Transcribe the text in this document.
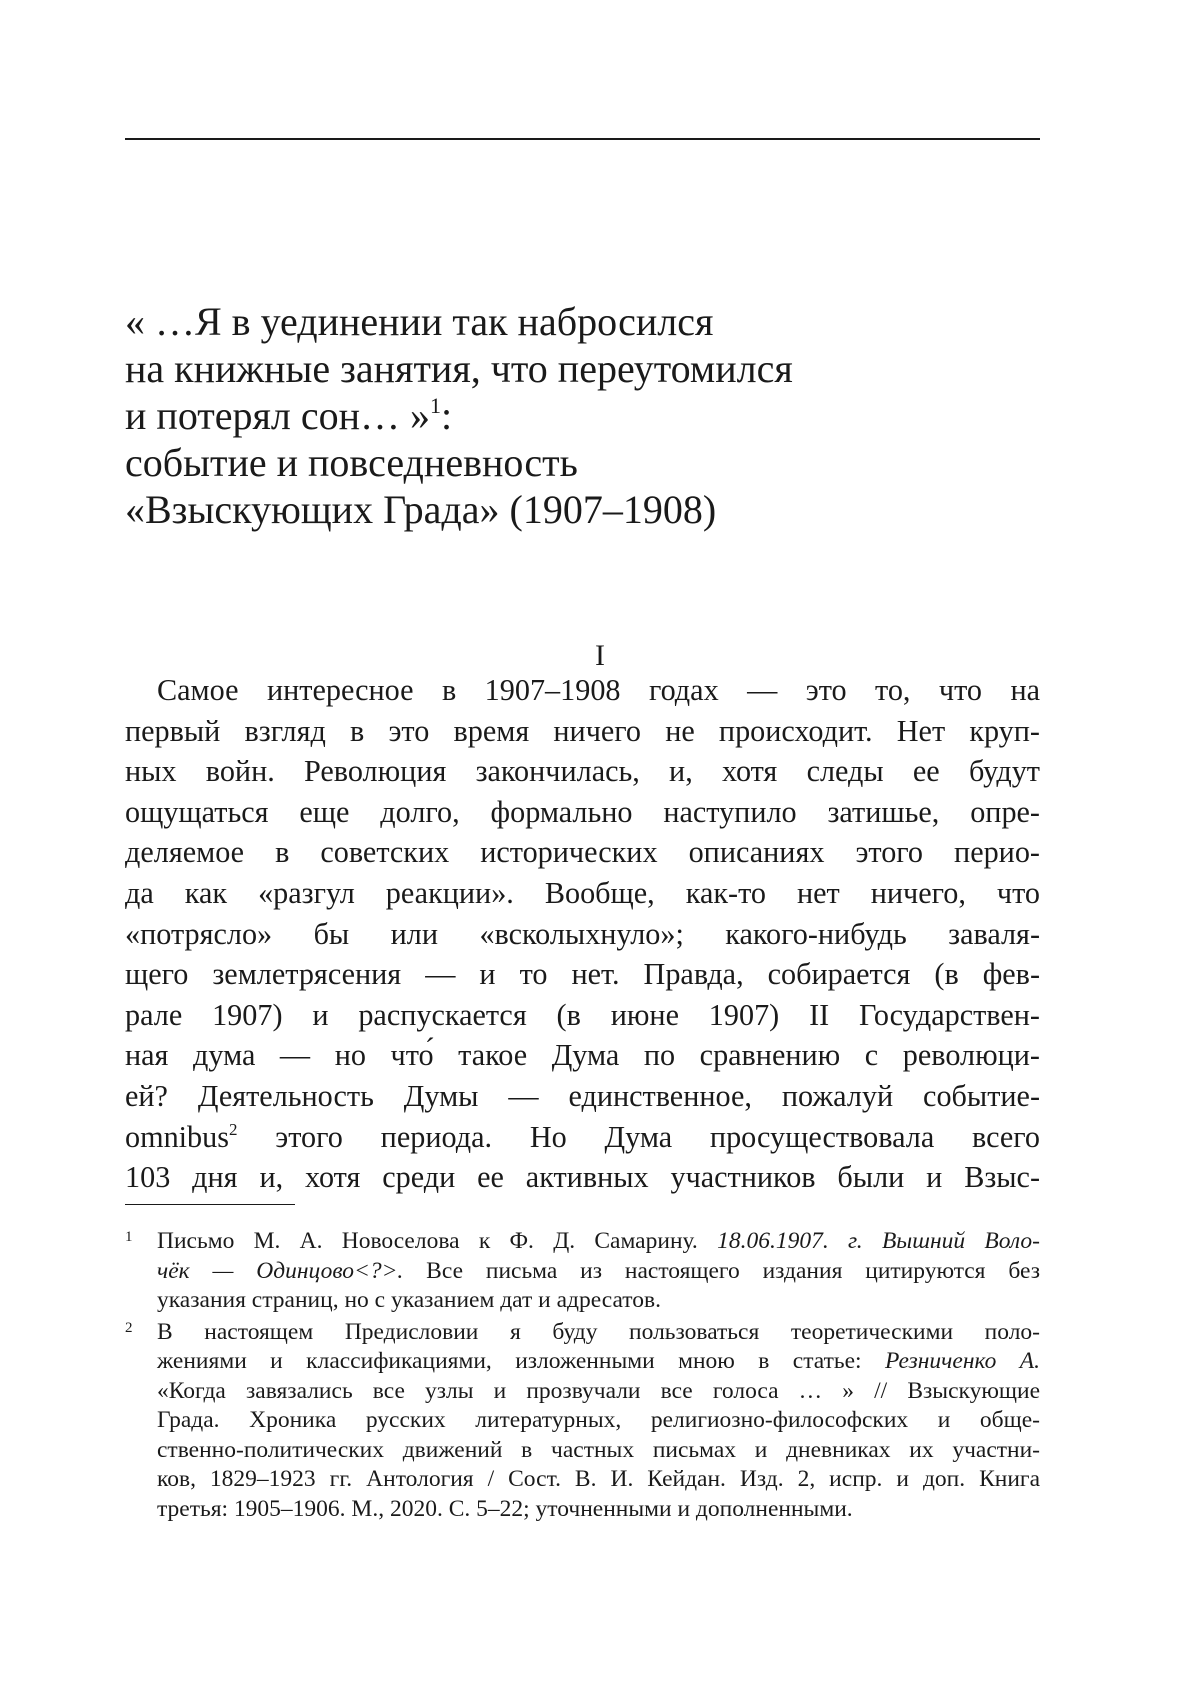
« …Я в уединении так набросился
на книжные занятия, что переутомился
и потерял сон… »$^1$:
событие и повседневность
«Взыскующих Града» (1907–1908)
I
Самое интересное в 1907–1908 годах — это то, что на
первый взгляд в это время ничего не происходит. Нет круп-
ных войн. Революция закончилась, и, хотя следы ее будут
ощущаться еще долго, формально наступило затишье, опре-
деляемое в советских исторических описаниях этого перио-
да как «разгул реакции». Вообще, как-то нет ничего, что
«потрясло» бы или «всколыхнуло»; какого-нибудь заваля-
щего землетрясения — и то нет. Правда, собирается (в фев-
рале 1907) и распускается (в июне 1907) II Государствен-
ная дума — но что́ такое Дума по сравнению с революци-
ей? Деятельность Думы — единственное, пожалуй событие-
omnibus$^2$ этого периода. Но Дума просуществовала всего
103 дня и, хотя среди ее активных участников были и Взыс-
1 Письмо М. А. Новоселова к Ф. Д. Самарину. 18.06.1907. г. Вышний Воло-
чёк — Одинцово<?>. Все письма из настоящего издания цитируются без
указания страниц, но с указанием дат и адресатов.
2 В настоящем Предисловии я буду пользоваться теоретическими поло-
жениями и классификациями, изложенными мною в статье: Резниченко А.
«Когда завязались все узлы и прозвучали все голоса … » // Взыскующие
Града. Хроника русских литературных, религиозно-философских и обще-
ственно-политических движений в частных письмах и дневниках их участни-
ков, 1829–1923 гг. Антология / Сост. В. И. Кейдан. Изд. 2, испр. и доп. Книга
третья: 1905–1906. М., 2020. С. 5–22; уточненными и дополненными.
